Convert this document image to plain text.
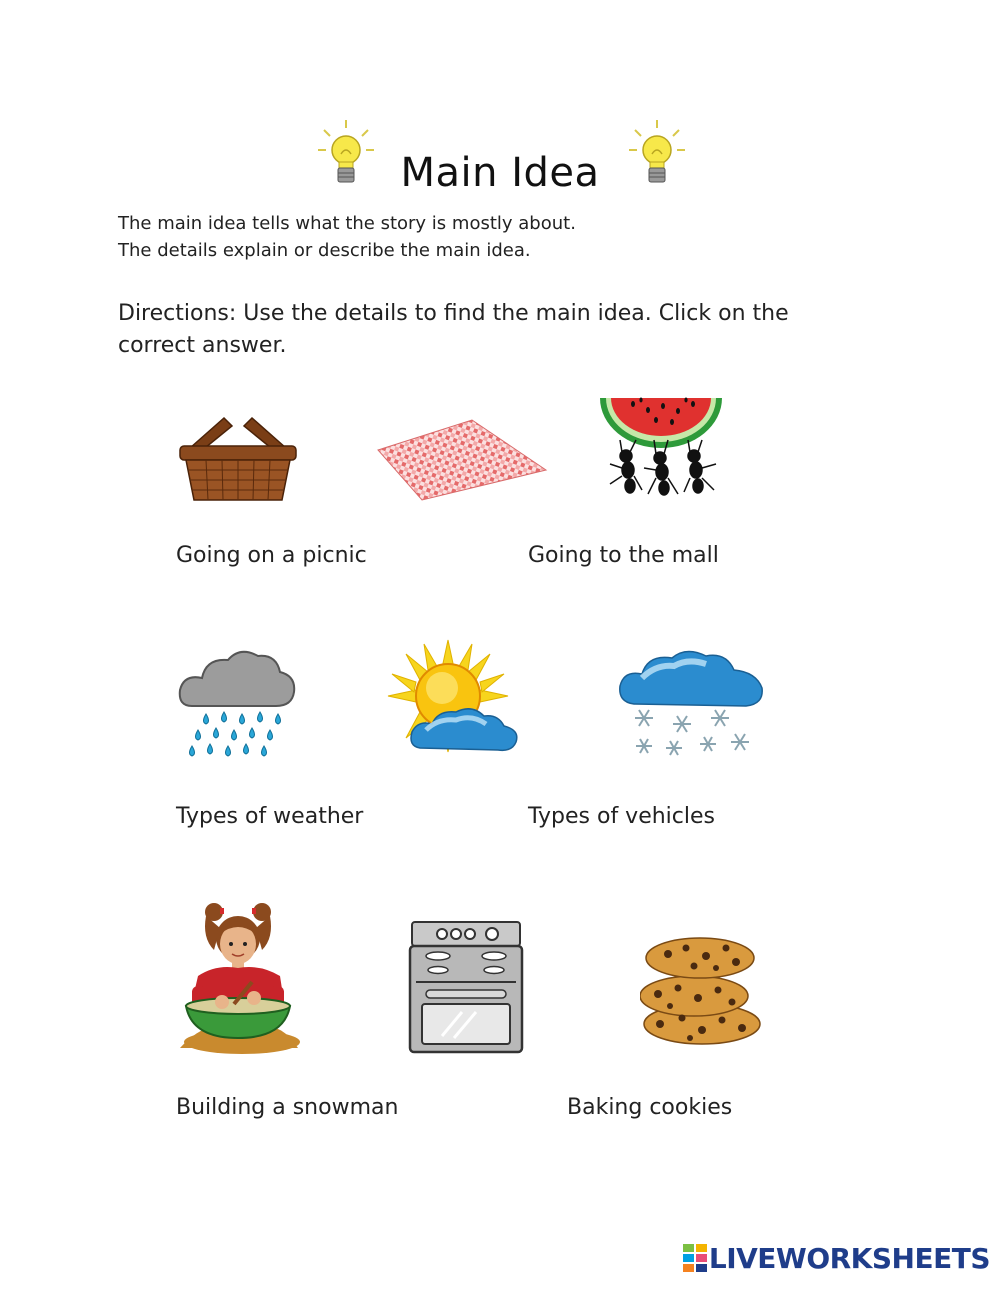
Main Idea
The main idea tells what the story is mostly about.
The details explain or describe the main idea.
Directions: Use the details to find the main idea. Click on the correct answer.
Going on a picnic	Going to the mall
Types of weather	Types of vehicles
Building a snowman	Baking cookies
LIVEWORKSHEETS
